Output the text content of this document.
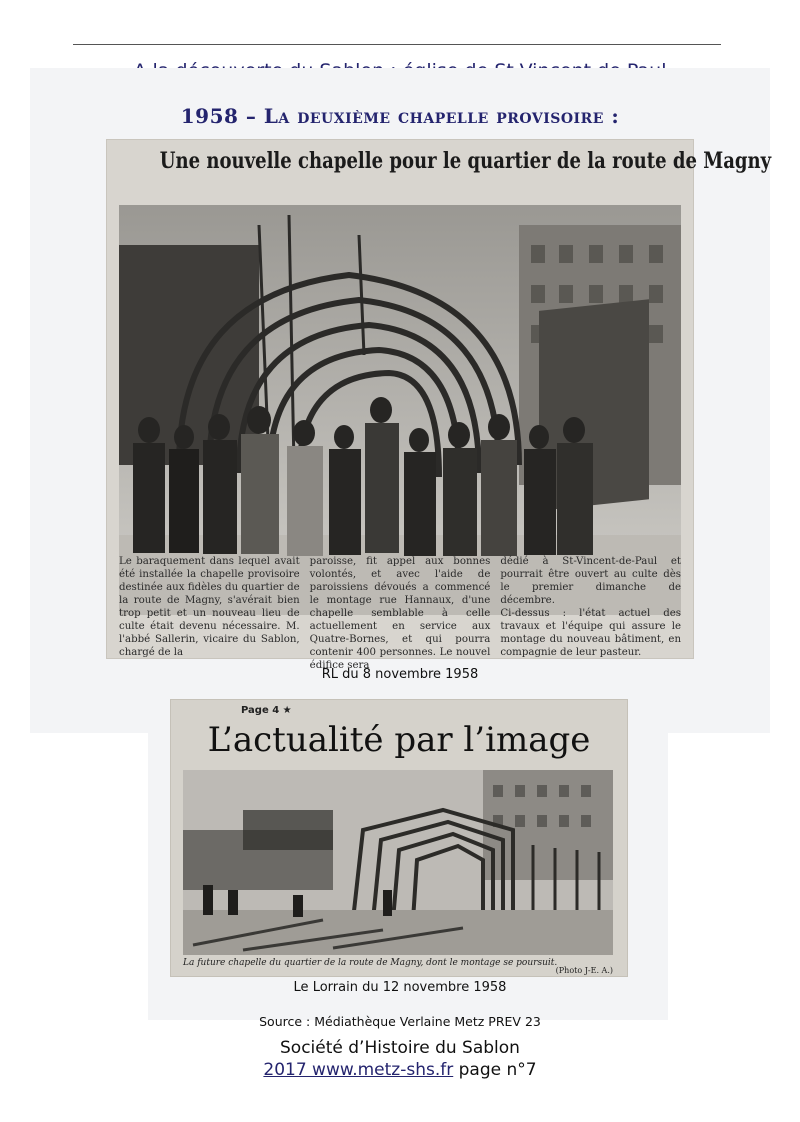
1958 – La deuxième chapelle provisoire :
Une nouvelle chapelle pour le quartier de la route de Magny

Le baraquement dans lequel avait été installée la chapelle provisoire destinée aux fidèles du quartier de la route de Magny, s'avérait bien trop petit et un nouveau lieu de culte était devenu nécessaire. M. l'abbé Sallerin, vicaire du Sablon, chargé de la

paroisse, fit appel aux bonnes volontés, et avec l'aide de paroissiens dévoués a commencé le montage rue Hannaux, d'une chapelle semblable à celle actuellement en service aux Quatre-Bornes, et qui pourra contenir 400 personnes. Le nouvel édifice sera

dédié à St-Vincent-de-Paul et pourrait être ouvert au culte dès le premier dimanche de décembre.
Ci-dessus : l'état actuel des travaux et l'équipe qui assure le montage du nouveau bâtiment, en compagnie de leur pasteur.

RL du 8 novembre 1958
Page 4 ★
L’actualité par l’image
La future chapelle du quartier de la route de Magny, dont le montage se poursuit.
(Photo J-E. A.)
Le Lorrain du 12 novembre 1958
Source : Médiathèque Verlaine Metz PREV 23
Société d’Histoire du Sablon
2017 www.metz-shs.fr page n°7
